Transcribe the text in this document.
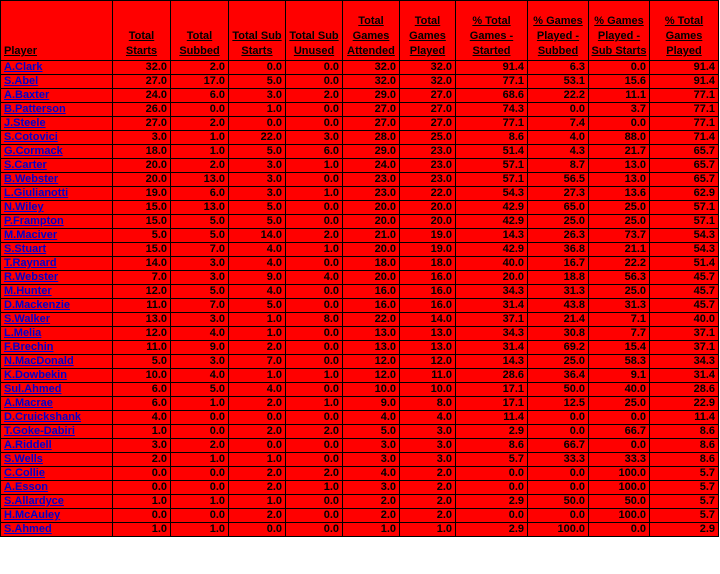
Player	Total Starts	Total Subbed	Total Sub Starts	Total Sub Unused	Total Games Attended	Total Games Played	% Total Games - Started	% Games Played - Subbed	% Games Played - Sub Starts	% Total Games Played
A.Clark	32.0	2.0	0.0	0.0	32.0	32.0	91.4	6.3	0.0	91.4
S.Abel	27.0	17.0	5.0	0.0	32.0	32.0	77.1	53.1	15.6	91.4
A.Baxter	24.0	6.0	3.0	2.0	29.0	27.0	68.6	22.2	11.1	77.1
B.Patterson	26.0	0.0	1.0	0.0	27.0	27.0	74.3	0.0	3.7	77.1
J.Steele	27.0	2.0	0.0	0.0	27.0	27.0	77.1	7.4	0.0	77.1
S.Cotovici	3.0	1.0	22.0	3.0	28.0	25.0	8.6	4.0	88.0	71.4
G.Cormack	18.0	1.0	5.0	6.0	29.0	23.0	51.4	4.3	21.7	65.7
S.Carter	20.0	2.0	3.0	1.0	24.0	23.0	57.1	8.7	13.0	65.7
B.Webster	20.0	13.0	3.0	0.0	23.0	23.0	57.1	56.5	13.0	65.7
L.Giulianotti	19.0	6.0	3.0	1.0	23.0	22.0	54.3	27.3	13.6	62.9
N.Wiley	15.0	13.0	5.0	0.0	20.0	20.0	42.9	65.0	25.0	57.1
P.Frampton	15.0	5.0	5.0	0.0	20.0	20.0	42.9	25.0	25.0	57.1
M.Maciver	5.0	5.0	14.0	2.0	21.0	19.0	14.3	26.3	73.7	54.3
S.Stuart	15.0	7.0	4.0	1.0	20.0	19.0	42.9	36.8	21.1	54.3
T.Raynard	14.0	3.0	4.0	0.0	18.0	18.0	40.0	16.7	22.2	51.4
R.Webster	7.0	3.0	9.0	4.0	20.0	16.0	20.0	18.8	56.3	45.7
M.Hunter	12.0	5.0	4.0	0.0	16.0	16.0	34.3	31.3	25.0	45.7
D.Mackenzie	11.0	7.0	5.0	0.0	16.0	16.0	31.4	43.8	31.3	45.7
S.Walker	13.0	3.0	1.0	8.0	22.0	14.0	37.1	21.4	7.1	40.0
L.Melia	12.0	4.0	1.0	0.0	13.0	13.0	34.3	30.8	7.7	37.1
F.Brechin	11.0	9.0	2.0	0.0	13.0	13.0	31.4	69.2	15.4	37.1
N.MacDonald	5.0	3.0	7.0	0.0	12.0	12.0	14.3	25.0	58.3	34.3
K.Dowbekin	10.0	4.0	1.0	1.0	12.0	11.0	28.6	36.4	9.1	31.4
Sul.Ahmed	6.0	5.0	4.0	0.0	10.0	10.0	17.1	50.0	40.0	28.6
A.Macrae	6.0	1.0	2.0	1.0	9.0	8.0	17.1	12.5	25.0	22.9
D.Cruickshank	4.0	0.0	0.0	0.0	4.0	4.0	11.4	0.0	0.0	11.4
T.Goke-Dabiri	1.0	0.0	2.0	2.0	5.0	3.0	2.9	0.0	66.7	8.6
A.Riddell	3.0	2.0	0.0	0.0	3.0	3.0	8.6	66.7	0.0	8.6
S.Wells	2.0	1.0	1.0	0.0	3.0	3.0	5.7	33.3	33.3	8.6
C.Collie	0.0	0.0	2.0	2.0	4.0	2.0	0.0	0.0	100.0	5.7
A.Esson	0.0	0.0	2.0	1.0	3.0	2.0	0.0	0.0	100.0	5.7
S.Allardyce	1.0	1.0	1.0	0.0	2.0	2.0	2.9	50.0	50.0	5.7
H.McAuley	0.0	0.0	2.0	0.0	2.0	2.0	0.0	0.0	100.0	5.7
S.Ahmed	1.0	1.0	0.0	0.0	1.0	1.0	2.9	100.0	0.0	2.9
